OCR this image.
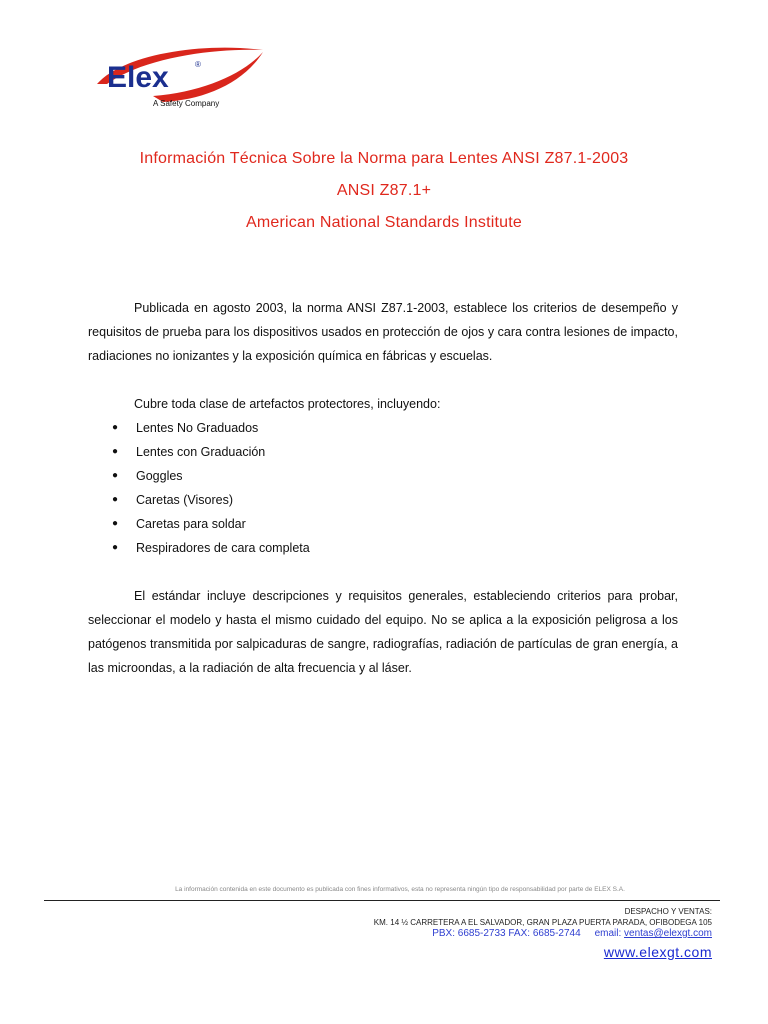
Elex	®
A Safety Company
Información Técnica Sobre la Norma para Lentes ANSI Z87.1-2003
ANSI Z87.1+
American National Standards Institute

Publicada en agosto 2003, la norma ANSI Z87.1-2003, establece los criterios de desempeño y requisitos de prueba para los dispositivos usados en protección de ojos y cara contra lesiones de impacto, radiaciones no ionizantes y la exposición química en fábricas y escuelas.

Cubre toda clase de artefactos protectores, incluyendo:

● Lentes No Graduados
● Lentes con Graduación
● Goggles
● Caretas (Visores)
● Caretas para soldar
● Respiradores de cara completa

El estándar incluye descripciones y requisitos generales, estableciendo criterios para probar, seleccionar el modelo y hasta el mismo cuidado del equipo. No se aplica a la exposición peligrosa a los patógenos transmitida por salpicaduras de sangre, radiografías, radiación de partículas de gran energía, a las microondas, a la radiación de alta frecuencia y al láser.

La información contenida en este documento es publicada con fines informativos, esta no representa ningún tipo de responsabilidad por parte de ELEX S.A.
DESPACHO Y VENTAS:
KM. 14 ½ CARRETERA A EL SALVADOR, GRAN PLAZA PUERTA PARADA, OFIBODEGA 105
PBX: 6685-2733 FAX: 6685-2744 email: ventas@elexgt.com
www.elexgt.com
